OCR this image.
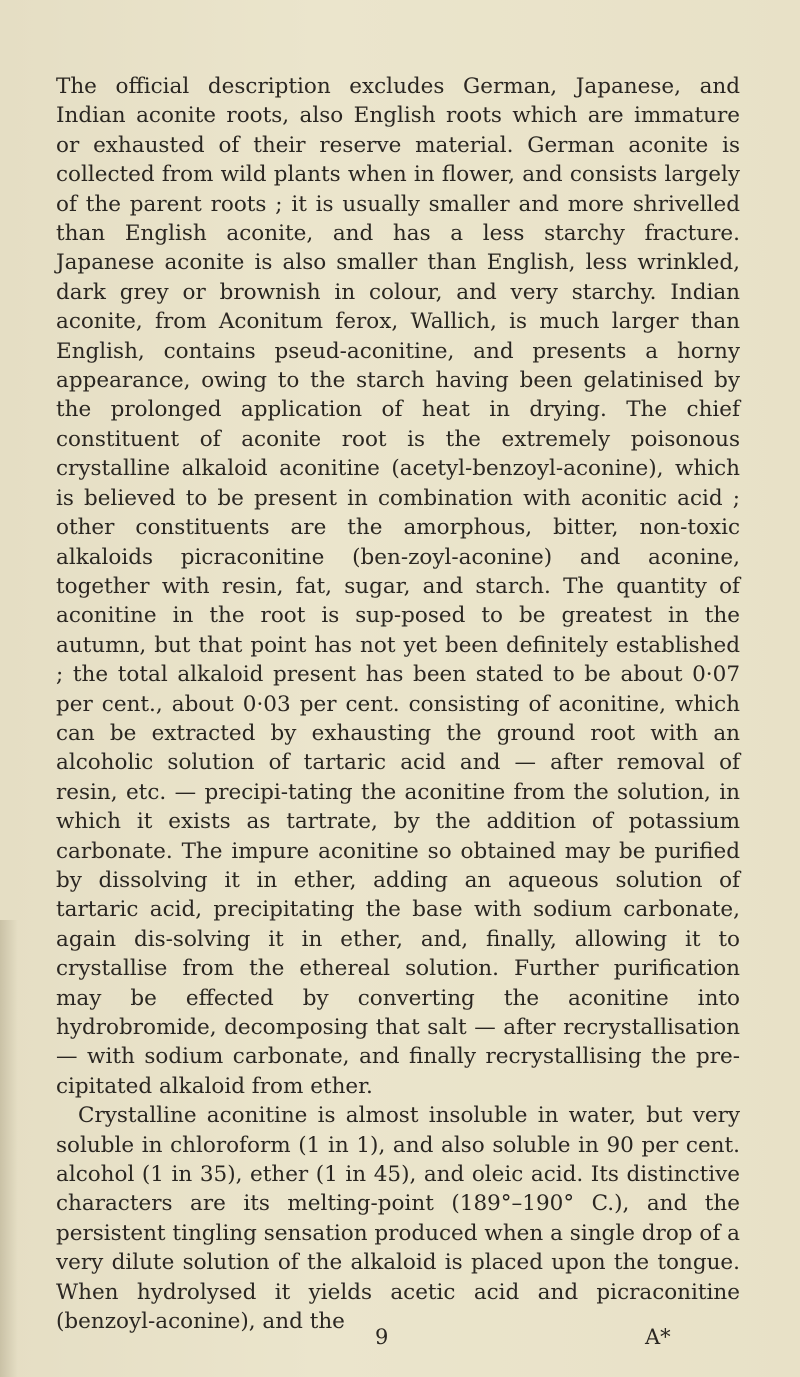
The official description excludes German, Japanese, and Indian aconite roots, also English roots which are immature or exhausted of their reserve material. German aconite is collected from wild plants when in flower, and consists largely of the parent roots ; it is usually smaller and more shrivelled than English aconite, and has a less starchy fracture. Japanese aconite is also smaller than English, less wrinkled, dark grey or brownish in colour, and very starchy. Indian aconite, from Aconitum ferox, Wallich, is much larger than English, contains pseud-aconitine, and presents a horny appearance, owing to the starch having been gelatinised by the prolonged application of heat in drying. The chief constituent of aconite root is the extremely poisonous crystalline alkaloid aconitine (acetyl-benzoyl-aconine), which is believed to be present in combination with aconitic acid ; other constituents are the amorphous, bitter, non-toxic alkaloids picraconitine (ben-zoyl-aconine) and aconine, together with resin, fat, sugar, and starch. The quantity of aconitine in the root is sup-posed to be greatest in the autumn, but that point has not yet been definitely established ; the total alkaloid present has been stated to be about 0·07 per cent., about 0·03 per cent. consisting of aconitine, which can be extracted by exhausting the ground root with an alcoholic solution of tartaric acid and — after removal of resin, etc. — precipi-tating the aconitine from the solution, in which it exists as tartrate, by the addition of potassium carbonate. The impure aconitine so obtained may be purified by dissolving it in ether, adding an aqueous solution of tartaric acid, precipitating the base with sodium carbonate, again dis-solving it in ether, and, finally, allowing it to crystallise from the ethereal solution. Further purification may be effected by converting the aconitine into hydrobromide, decomposing that salt — after recrystallisation — with sodium carbonate, and finally recrystallising the pre-cipitated alkaloid from ether.

Crystalline aconitine is almost insoluble in water, but very soluble in chloroform (1 in 1), and also soluble in 90 per cent. alcohol (1 in 35), ether (1 in 45), and oleic acid. Its distinctive characters are its melting-point (189°–190° C.), and the persistent tingling sensation produced when a single drop of a very dilute solution of the alkaloid is placed upon the tongue. When hydrolysed it yields acetic acid and picraconitine (benzoyl-aconine), and the

9	A*
